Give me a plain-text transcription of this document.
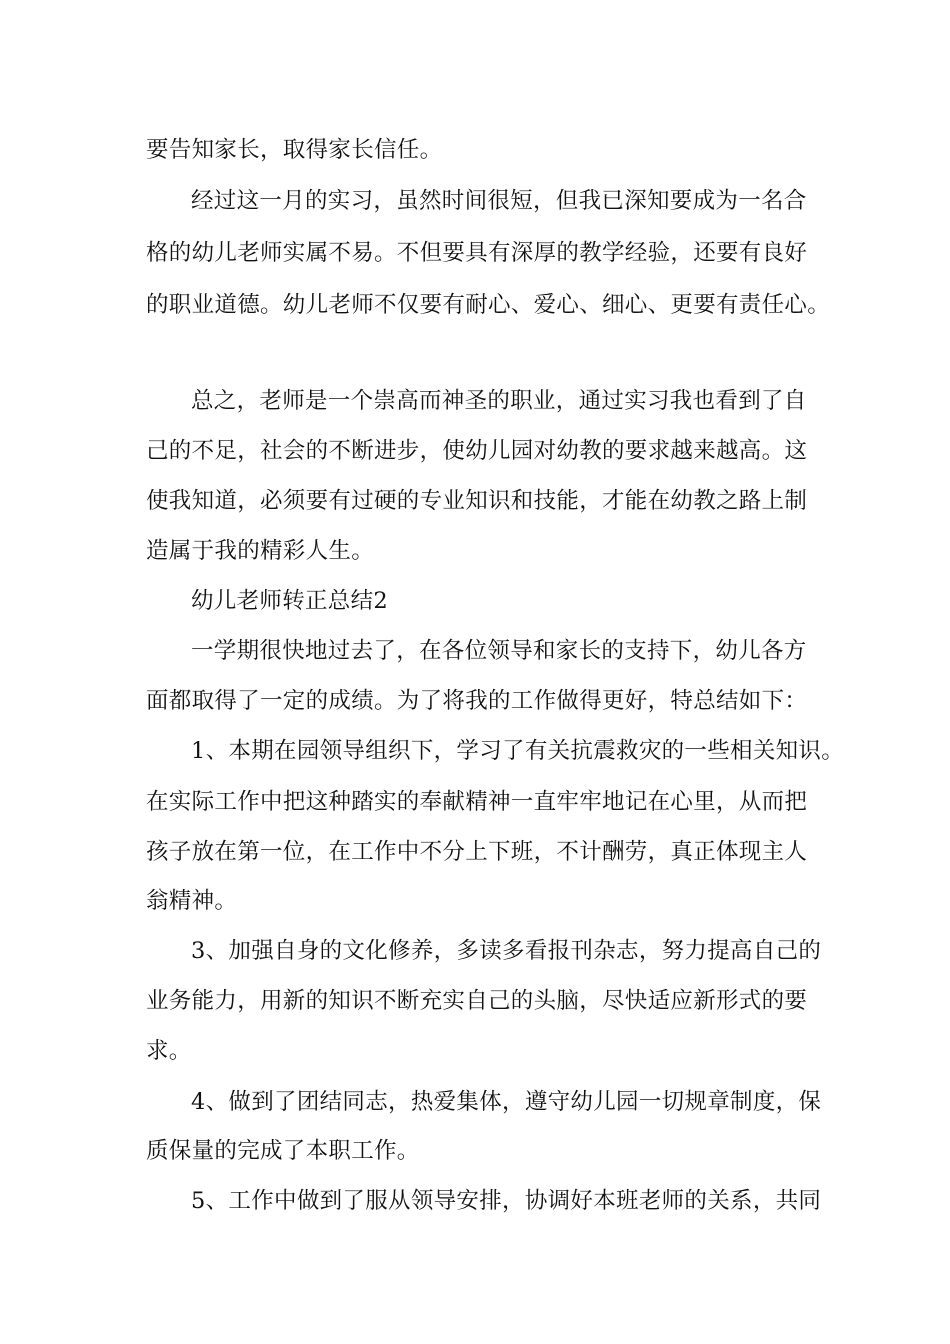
要告知家长，取得家长信任。
经过这一月的实习，虽然时间很短，但我已深知要成为一名合
格的幼儿老师实属不易。不但要具有深厚的教学经验，还要有良好
的职业道德。幼儿老师不仅要有耐心、爱心、细心、更要有责任心。
总之，老师是一个崇高而神圣的职业，通过实习我也看到了自
己的不足，社会的不断进步，使幼儿园对幼教的要求越来越高。这
使我知道，必须要有过硬的专业知识和技能，才能在幼教之路上制
造属于我的精彩人生。
幼儿老师转正总结2
一学期很快地过去了，在各位领导和家长的支持下，幼儿各方
面都取得了一定的成绩。为了将我的工作做得更好，特总结如下：
1、本期在园领导组织下，学习了有关抗震救灾的一些相关知识。
在实际工作中把这种踏实的奉献精神一直牢牢地记在心里，从而把
孩子放在第一位，在工作中不分上下班，不计酬劳，真正体现主人
翁精神。
3、加强自身的文化修养，多读多看报刊杂志，努力提高自己的
业务能力，用新的知识不断充实自己的头脑，尽快适应新形式的要
求。
4、做到了团结同志，热爱集体，遵守幼儿园一切规章制度，保
质保量的完成了本职工作。
5、工作中做到了服从领导安排，协调好本班老师的关系，共同
